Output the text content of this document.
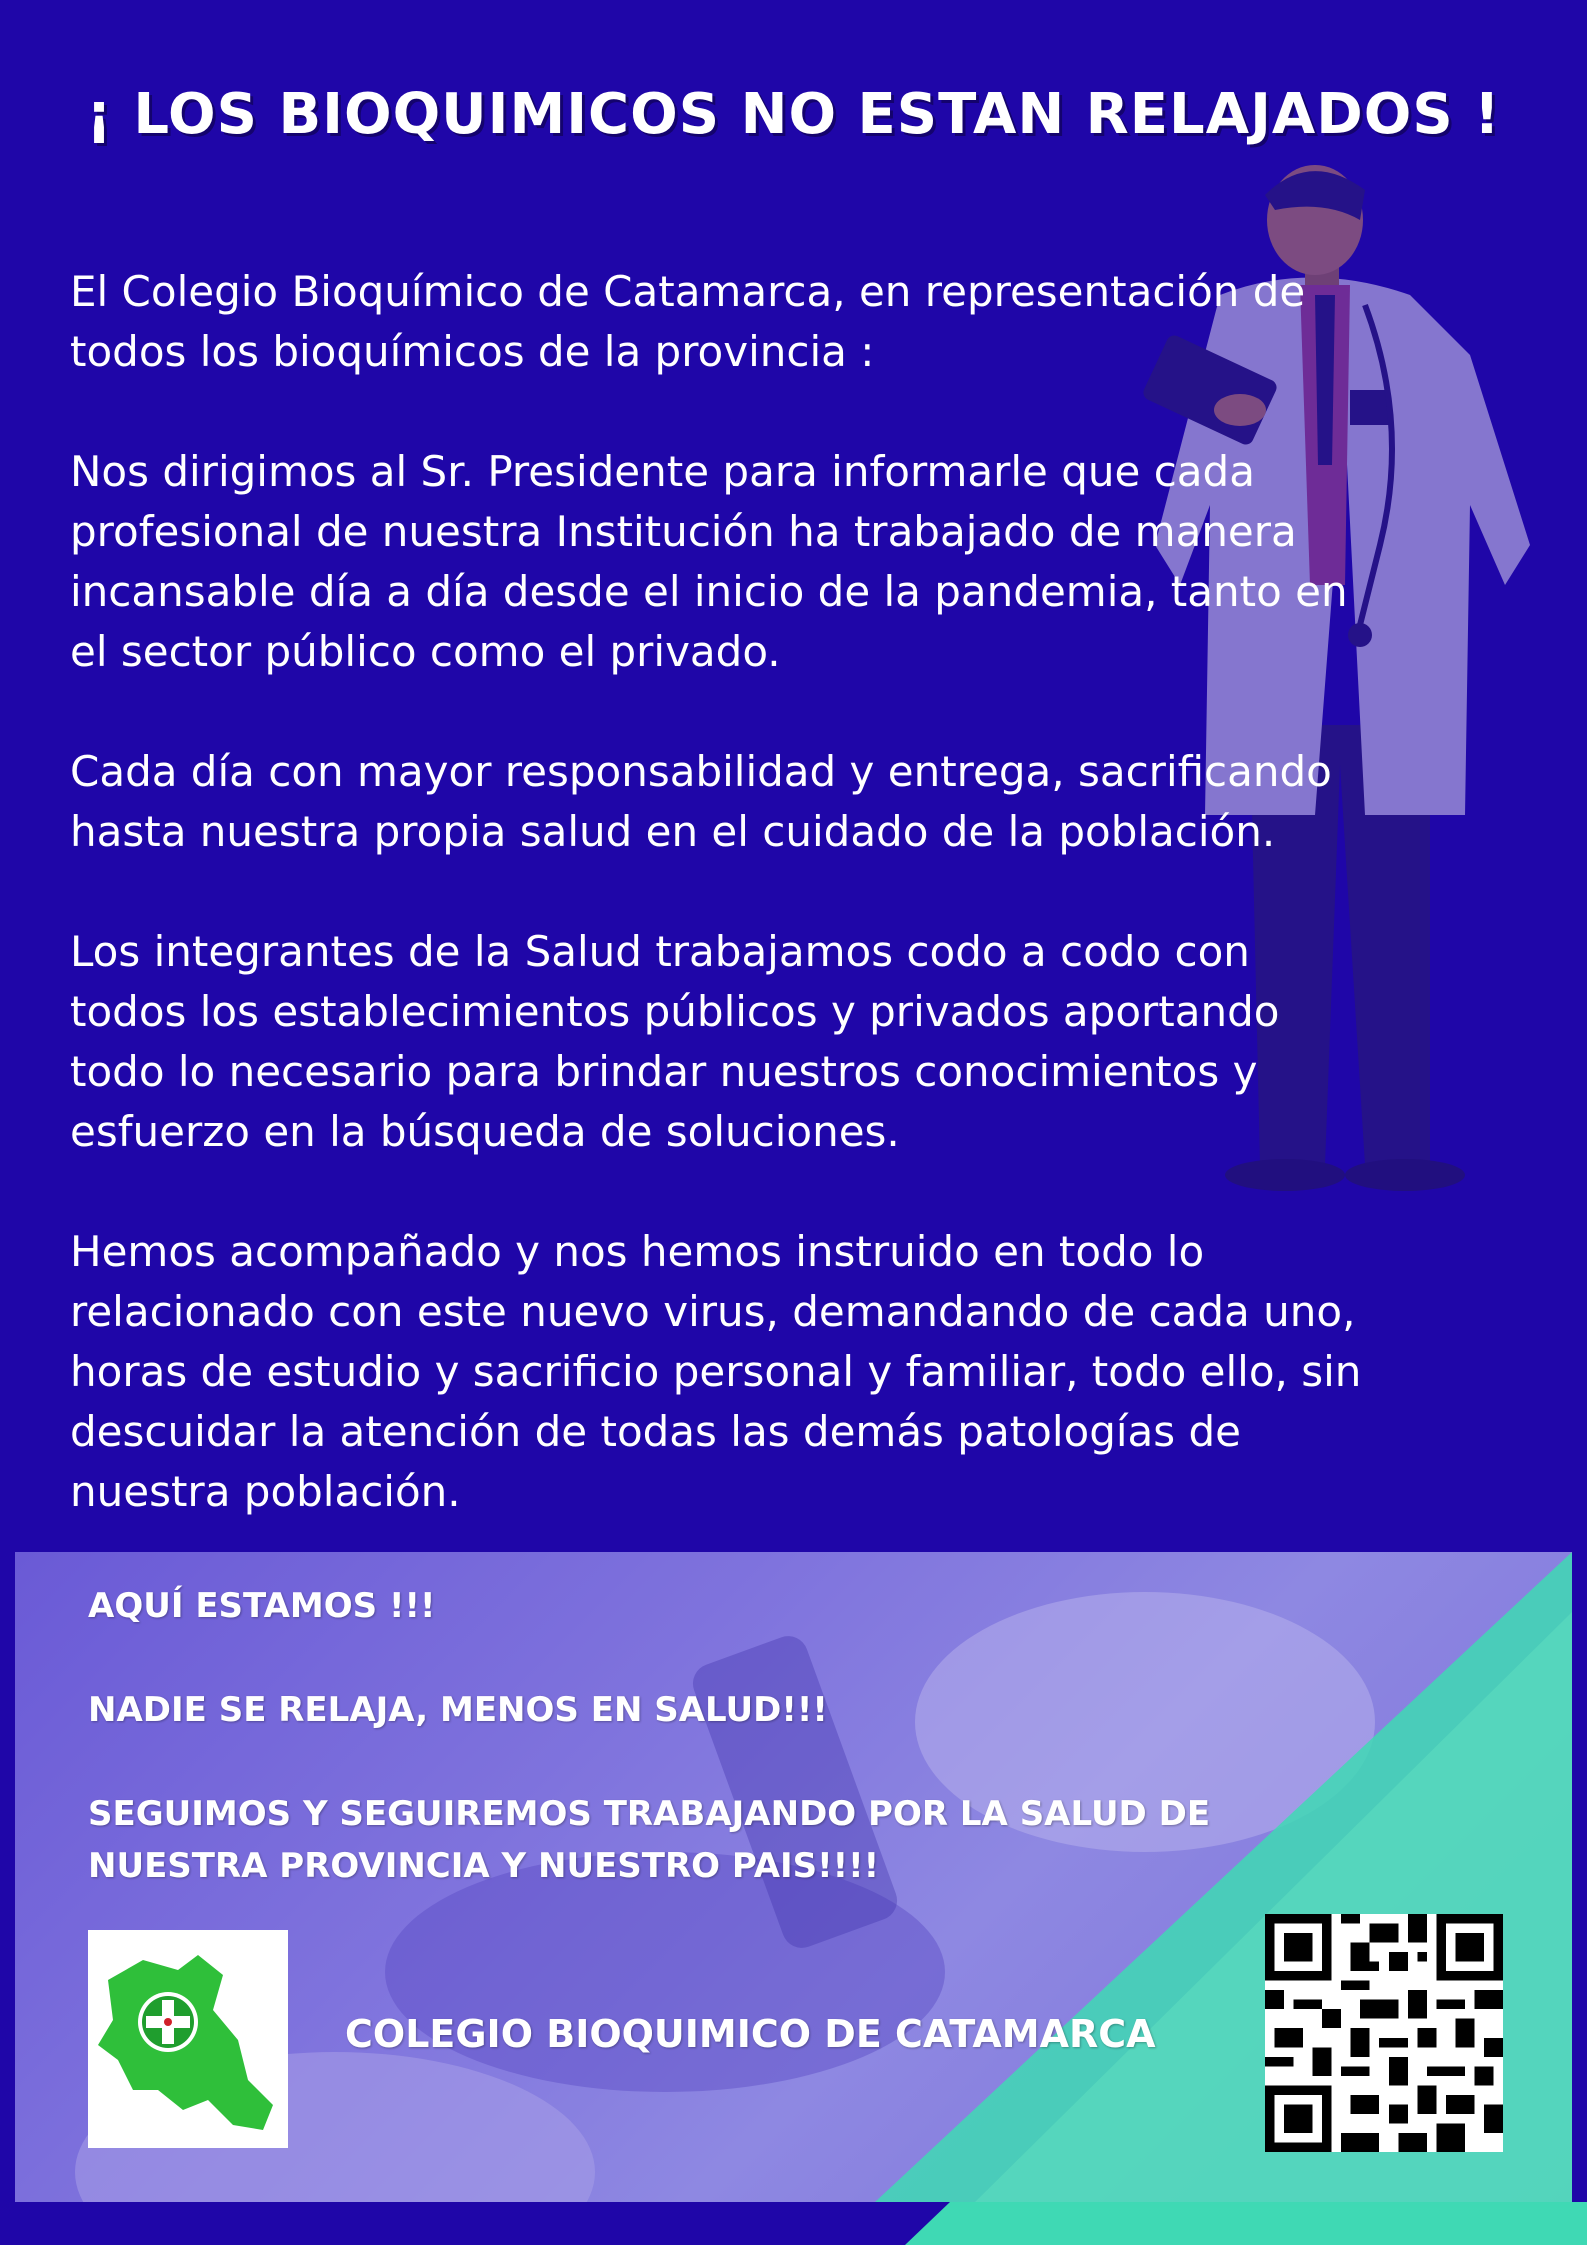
¡ LOS BIOQUIMICOS NO ESTAN RELAJADOS !

El Colegio Bioquímico de Catamarca, en representación de
todos los bioquímicos de la provincia :

Nos dirigimos al Sr. Presidente para informarle que cada
profesional de nuestra Institución ha trabajado de manera
incansable día a día desde el inicio de la pandemia, tanto en
el sector público como el privado.

Cada día con mayor responsabilidad y entrega, sacrificando
hasta nuestra propia salud en el cuidado de la población.

Los integrantes de la Salud trabajamos codo a codo con
todos los establecimientos públicos y privados aportando
todo lo necesario para brindar nuestros conocimientos y
esfuerzo en la búsqueda de soluciones.

Hemos acompañado y nos hemos instruido en todo lo
relacionado con este nuevo virus, demandando de cada uno,
horas de estudio y sacrificio personal y familiar, todo ello, sin
descuidar la atención de todas las demás patologías de
nuestra población.

AQUÍ ESTAMOS !!!

NADIE SE RELAJA, MENOS EN SALUD!!!

SEGUIMOS Y SEGUIREMOS TRABAJANDO POR LA SALUD DE
NUESTRA PROVINCIA Y NUESTRO PAIS!!!!

COLEGIO BIOQUIMICO DE CATAMARCA
